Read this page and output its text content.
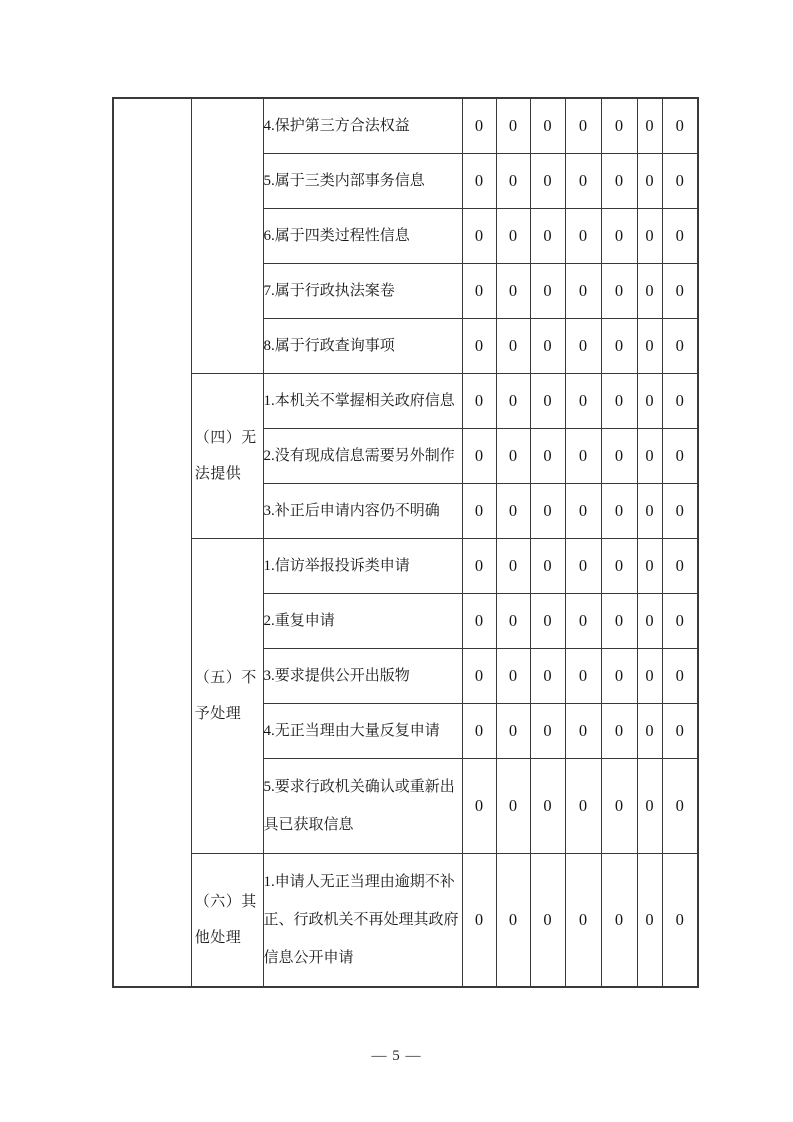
		4.保护第三方合法权益	0	0	0	0	0	0	0
		5.属于三类内部事务信息	0	0	0	0	0	0	0
		6.属于四类过程性信息	0	0	0	0	0	0	0
		7.属于行政执法案卷	0	0	0	0	0	0	0
		8.属于行政查询事项	0	0	0	0	0	0	0
	（四）无法提供	1.本机关不掌握相关政府信息	0	0	0	0	0	0	0
		2.没有现成信息需要另外制作	0	0	0	0	0	0	0
		3.补正后申请内容仍不明确	0	0	0	0	0	0	0
	（五）不予处理	1.信访举报投诉类申请	0	0	0	0	0	0	0
		2.重复申请	0	0	0	0	0	0	0
		3.要求提供公开出版物	0	0	0	0	0	0	0
		4.无正当理由大量反复申请	0	0	0	0	0	0	0
		5.要求行政机关确认或重新出具已获取信息	0	0	0	0	0	0	0
	（六）其他处理	1.申请人无正当理由逾期不补正、行政机关不再处理其政府信息公开申请	0	0	0	0	0	0	0
— 5 —
